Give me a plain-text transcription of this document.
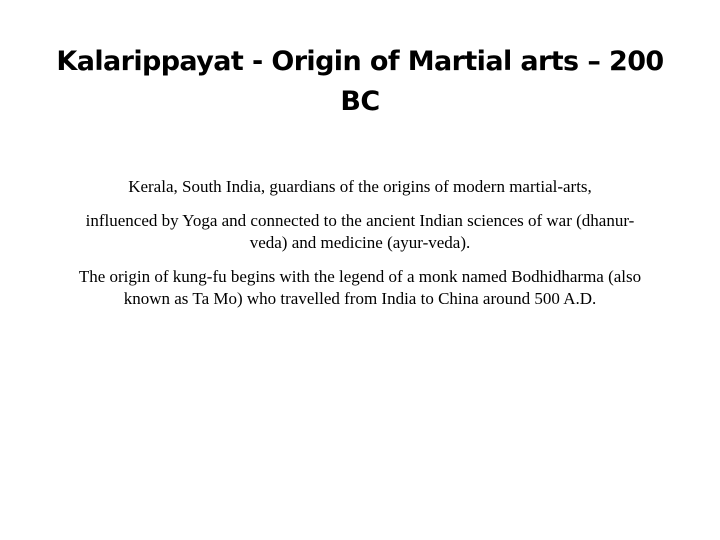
Kalarippayat - Origin of Martial arts – 200 BC

Kerala, South India, guardians of the origins of modern martial-arts,

influenced by Yoga and connected to the ancient Indian sciences of war (dhanur-veda) and medicine (ayur-veda).

The origin of kung-fu begins with the legend of a monk named Bodhidharma (also known as Ta Mo) who travelled from India to China around 500 A.D.
